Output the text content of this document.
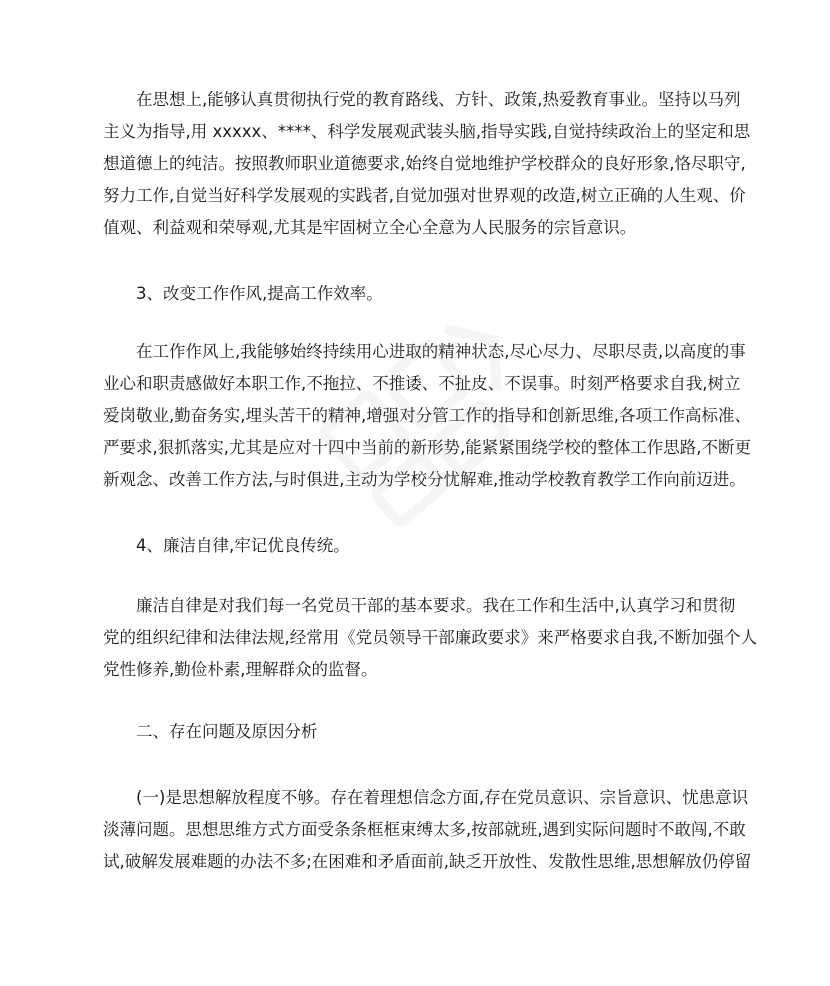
在思想上,能够认真贯彻执行党的教育路线、方针、政策,热爱教育事业。坚持以马列
主义为指导,用 xxxxx、****、科学发展观武装头脑,指导实践,自觉持续政治上的坚定和思
想道德上的纯洁。按照教师职业道德要求,始终自觉地维护学校群众的良好形象,恪尽职守,
努力工作,自觉当好科学发展观的实践者,自觉加强对世界观的改造,树立正确的人生观、价
值观、利益观和荣辱观,尤其是牢固树立全心全意为人民服务的宗旨意识。
3、改变工作作风,提高工作效率。
在工作作风上,我能够始终持续用心进取的精神状态,尽心尽力、尽职尽责,以高度的事
业心和职责感做好本职工作,不拖拉、不推诿、不扯皮、不误事。时刻严格要求自我,树立
爱岗敬业,勤奋务实,埋头苦干的精神,增强对分管工作的指导和创新思维,各项工作高标准、
严要求,狠抓落实,尤其是应对十四中当前的新形势,能紧紧围绕学校的整体工作思路,不断更
新观念、改善工作方法,与时俱进,主动为学校分忧解难,推动学校教育教学工作向前迈进。
4、廉洁自律,牢记优良传统。
廉洁自律是对我们每一名党员干部的基本要求。我在工作和生活中,认真学习和贯彻
党的组织纪律和法律法规,经常用《党员领导干部廉政要求》来严格要求自我,不断加强个人
党性修养,勤俭朴素,理解群众的监督。
二、存在问题及原因分析
(一)是思想解放程度不够。存在着理想信念方面,存在党员意识、宗旨意识、忧患意识
淡薄问题。思想思维方式方面受条条框框束缚太多,按部就班,遇到实际问题时不敢闯,不敢
试,破解发展难题的办法不多;在困难和矛盾面前,缺乏开放性、发散性思维,思想解放仍停留
